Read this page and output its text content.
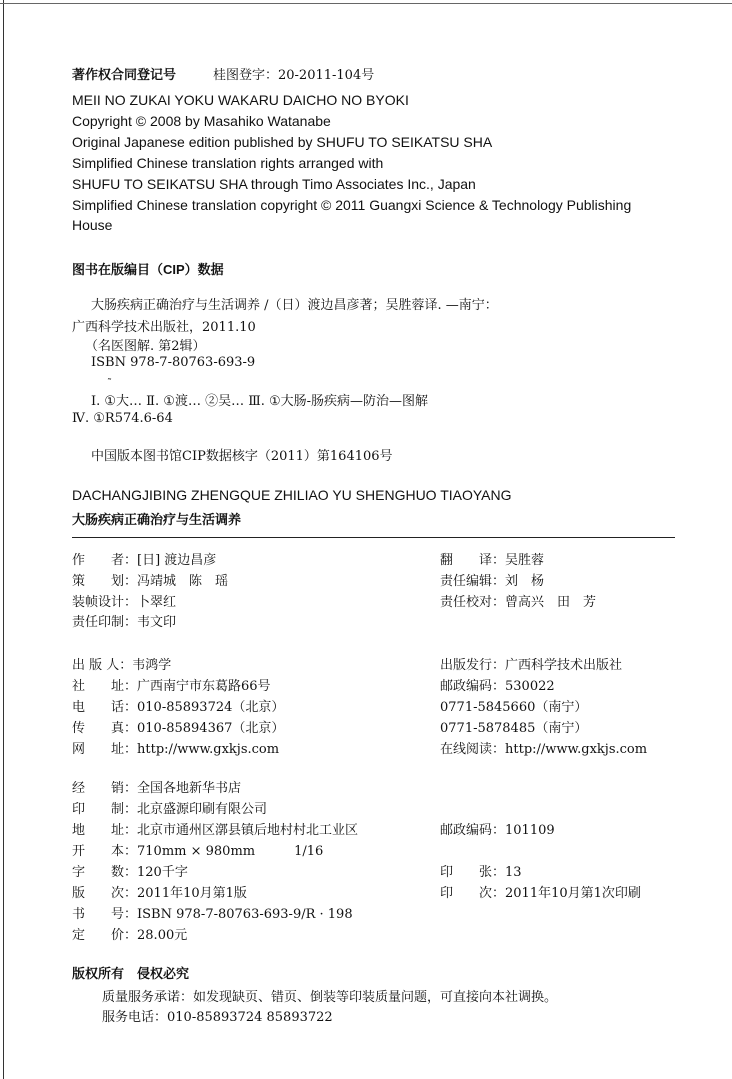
著作权合同登记号	桂图登字：20-2011-104号
MEII NO ZUKAI YOKU WAKARU DAICHO NO BYOKI
Copyright © 2008 by Masahiko Watanabe
Original Japanese edition published by SHUFU TO SEIKATSU SHA
Simplified Chinese translation rights arranged with
SHUFU TO SEIKATSU SHA through Timo Associates Inc., Japan
Simplified Chinese translation copyright © 2011 Guangxi Science & Technology Publishing
House
图书在版编目（CIP）数据
大肠疾病正确治疗与生活调养 /（日）渡边昌彦著；吴胜蓉译. —南宁：
广西科学技术出版社，2011.10
（名医图解. 第2辑）
ISBN 978-7-80763-693-9
˜
Ⅰ. ①大… Ⅱ. ①渡… ②吴… Ⅲ. ①大肠-肠疾病—防治—图解
Ⅳ. ①R574.6-64
中国版本图书馆CIP数据核字（2011）第164106号
DACHANGJIBING ZHENGQUE ZHILIAO YU SHENGHUO TIAOYANG
大肠疾病正确治疗与生活调养
作　　者：[日] 渡边昌彦
策　　划：冯靖城　陈　瑶
装帧设计：卜翠红
责任印制：韦文印
翻　　译：吴胜蓉
责任编辑：刘　杨
责任校对：曾高兴　田　芳
出 版 人：韦鸿学
社　　址：广西南宁市东葛路66号
电　　话：010-85893724（北京）
传　　真：010-85894367（北京）
网　　址：http://www.gxkjs.com
出版发行：广西科学技术出版社
邮政编码：530022
0771-5845660（南宁）
0771-5878485（南宁）
在线阅读：http://www.gxkjs.com
经　　销：全国各地新华书店
印　　制：北京盛源印刷有限公司
地　　址：北京市通州区漷县镇后地村村北工业区
开　　本：710mm × 980mm　　　1/16
字　　数：120千字
版　　次：2011年10月第1版
书　　号：ISBN 978-7-80763-693-9/R · 198
定　　价：28.00元
邮政编码：101109
印　　张：13
印　　次：2011年10月第1次印刷
版权所有　侵权必究
质量服务承诺：如发现缺页、错页、倒装等印装质量问题，可直接向本社调换。
服务电话：010-85893724 85893722
